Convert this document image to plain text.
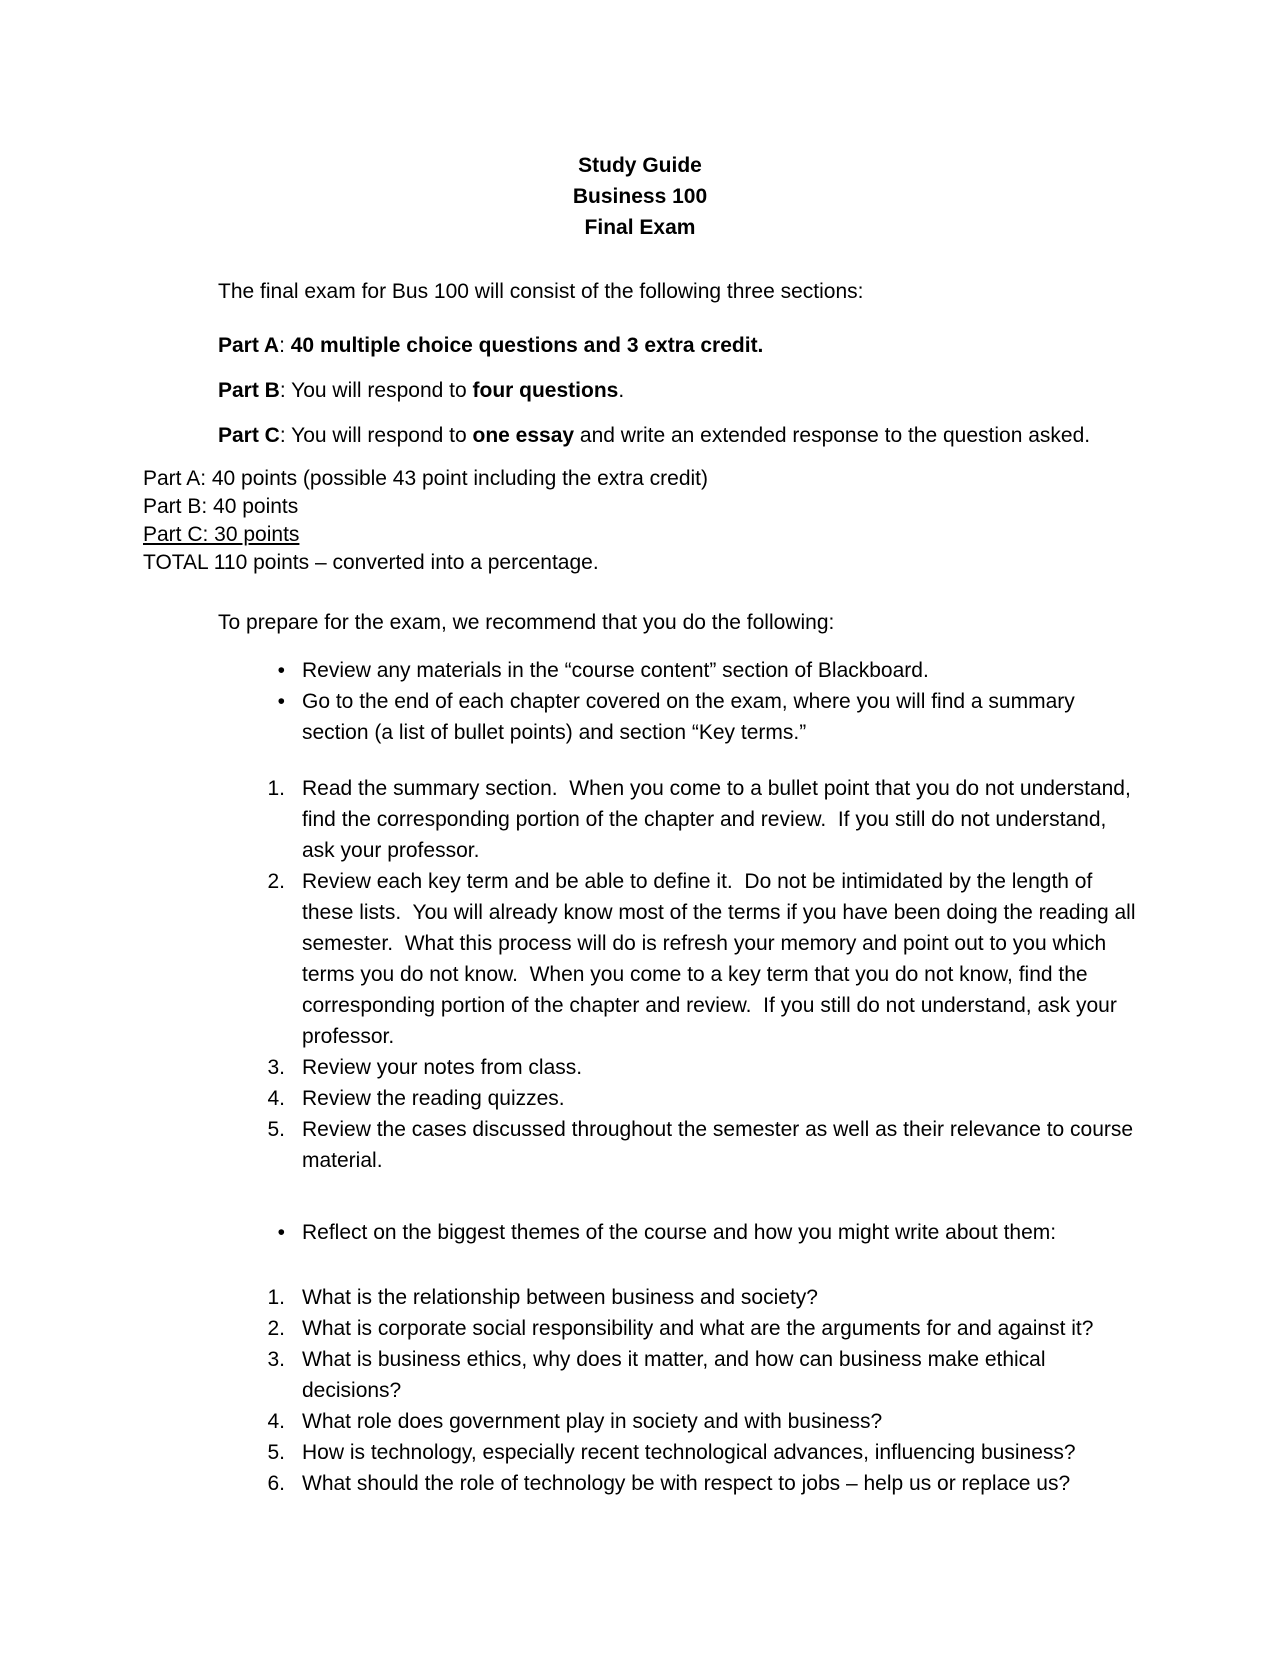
Study Guide

Business 100

Final Exam

The final exam for Bus 100 will consist of the following three sections:

Part A: 40 multiple choice questions and 3 extra credit.

Part B: You will respond to four questions.

Part C: You will respond to one essay and write an extended response to the question asked.

Part A: 40 points (possible 43 point including the extra credit)

Part B: 40 points

Part C: 30 points

TOTAL 110 points – converted into a percentage.

To prepare for the exam, we recommend that you do the following:

• Review any materials in the “course content” section of Blackboard.
• Go to the end of each chapter covered on the exam, where you will find a summary section (a list of bullet points) and section “Key terms.”
1. Read the summary section.  When you come to a bullet point that you do not understand, find the corresponding portion of the chapter and review.  If you still do not understand, ask your professor.
2. Review each key term and be able to define it.  Do not be intimidated by the length of these lists.  You will already know most of the terms if you have been doing the reading all semester.  What this process will do is refresh your memory and point out to you which terms you do not know.  When you come to a key term that you do not know, find the corresponding portion of the chapter and review.  If you still do not understand, ask your professor.
3. Review your notes from class.
4. Review the reading quizzes.
5. Review the cases discussed throughout the semester as well as their relevance to course material.
• Reflect on the biggest themes of the course and how you might write about them:
1. What is the relationship between business and society?
2. What is corporate social responsibility and what are the arguments for and against it?
3. What is business ethics, why does it matter, and how can business make ethical decisions?
4. What role does government play in society and with business?
5. How is technology, especially recent technological advances, influencing business?
6. What should the role of technology be with respect to jobs – help us or replace us?
